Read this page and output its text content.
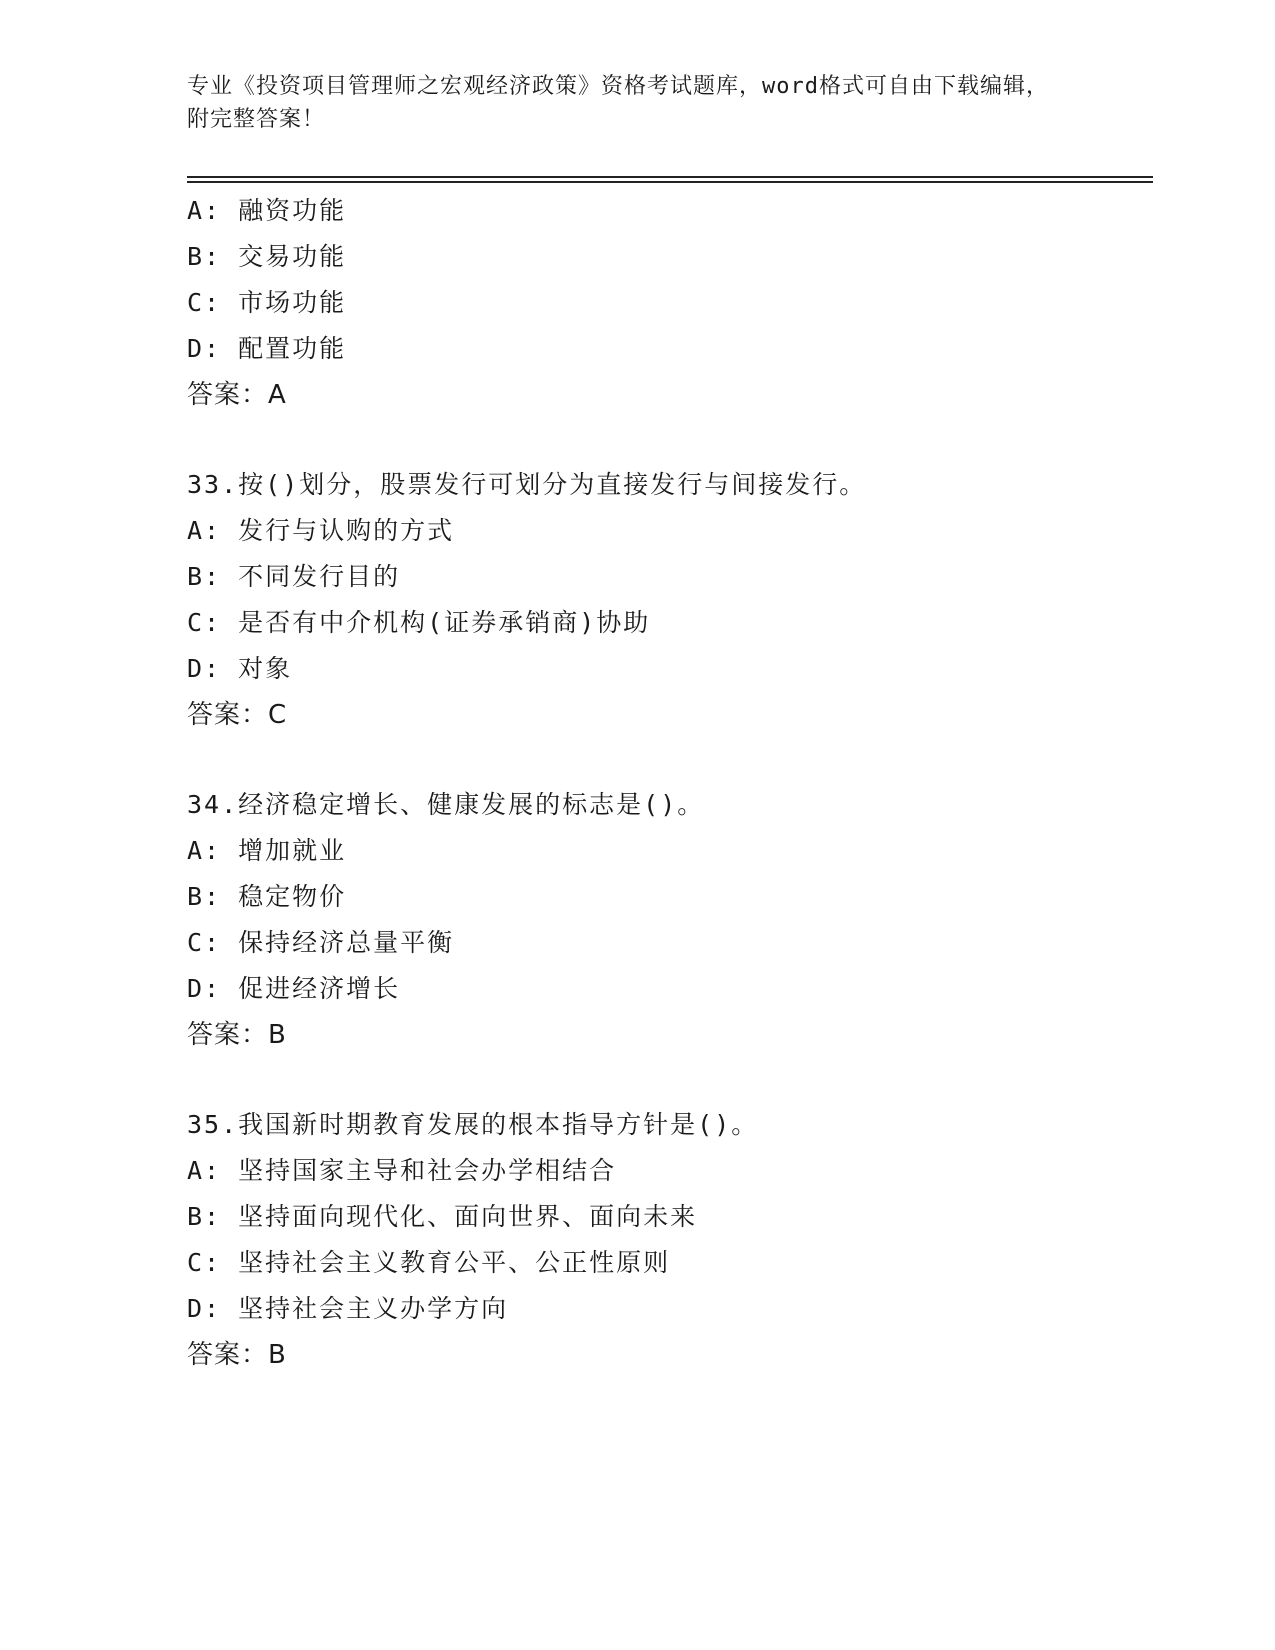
专业《投资项目管理师之宏观经济政策》资格考试题库，word格式可自由下载编辑，附完整答案！
A: 融资功能
B: 交易功能
C: 市场功能
D: 配置功能
答案：A
33.按()划分，股票发行可划分为直接发行与间接发行。
A: 发行与认购的方式
B: 不同发行目的
C: 是否有中介机构(证券承销商)协助
D: 对象
答案：C
34.经济稳定增长、健康发展的标志是()。
A: 增加就业
B: 稳定物价
C: 保持经济总量平衡
D: 促进经济增长
答案：B
35.我国新时期教育发展的根本指导方针是()。
A: 坚持国家主导和社会办学相结合
B: 坚持面向现代化、面向世界、面向未来
C: 坚持社会主义教育公平、公正性原则
D: 坚持社会主义办学方向
答案：B
